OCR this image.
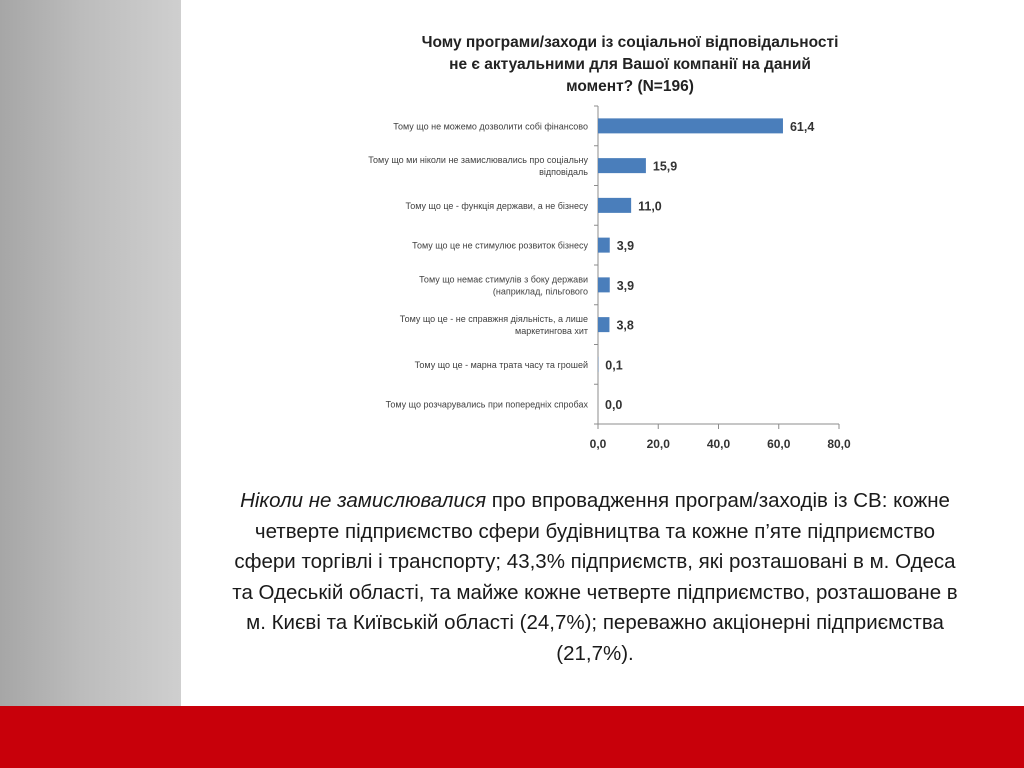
Чому програми/заходи із соціальної відповідальності
не є актуальними для Вашої компанії на даний
момент? (N=196)
0,0	20,0	40,0	60,0	80,0
61,4
Тому що не можемо дозволити собі фінансово
15,9
Тому що ми ніколи не замислювались про соціальну
відповідаль
11,0
Тому що це - функція держави, а не бізнесу
3,9
Тому що це не стимулює розвиток бізнесу
3,9
Тому що немає стимулів з боку держави
(наприклад, пільгового
3,8
Тому що це - не справжня діяльність, а лише
маркетингова хит
0,1
Тому що це - марна трата часу та грошей
0,0
Тому що розчарувались при попередніх спробах
Ніколи не замислювалися про впровадження програм/заходів із СВ: кожне четверте підприємство сфери будівництва та кожне п’яте підприємство сфери торгівлі і транспорту; 43,3% підприємств, які розташовані в м. Одеса та Одеській області, та майже кожне четверте підприємство, розташоване в м. Києві та Київській області (24,7%); переважно акціонерні підприємства (21,7%).
